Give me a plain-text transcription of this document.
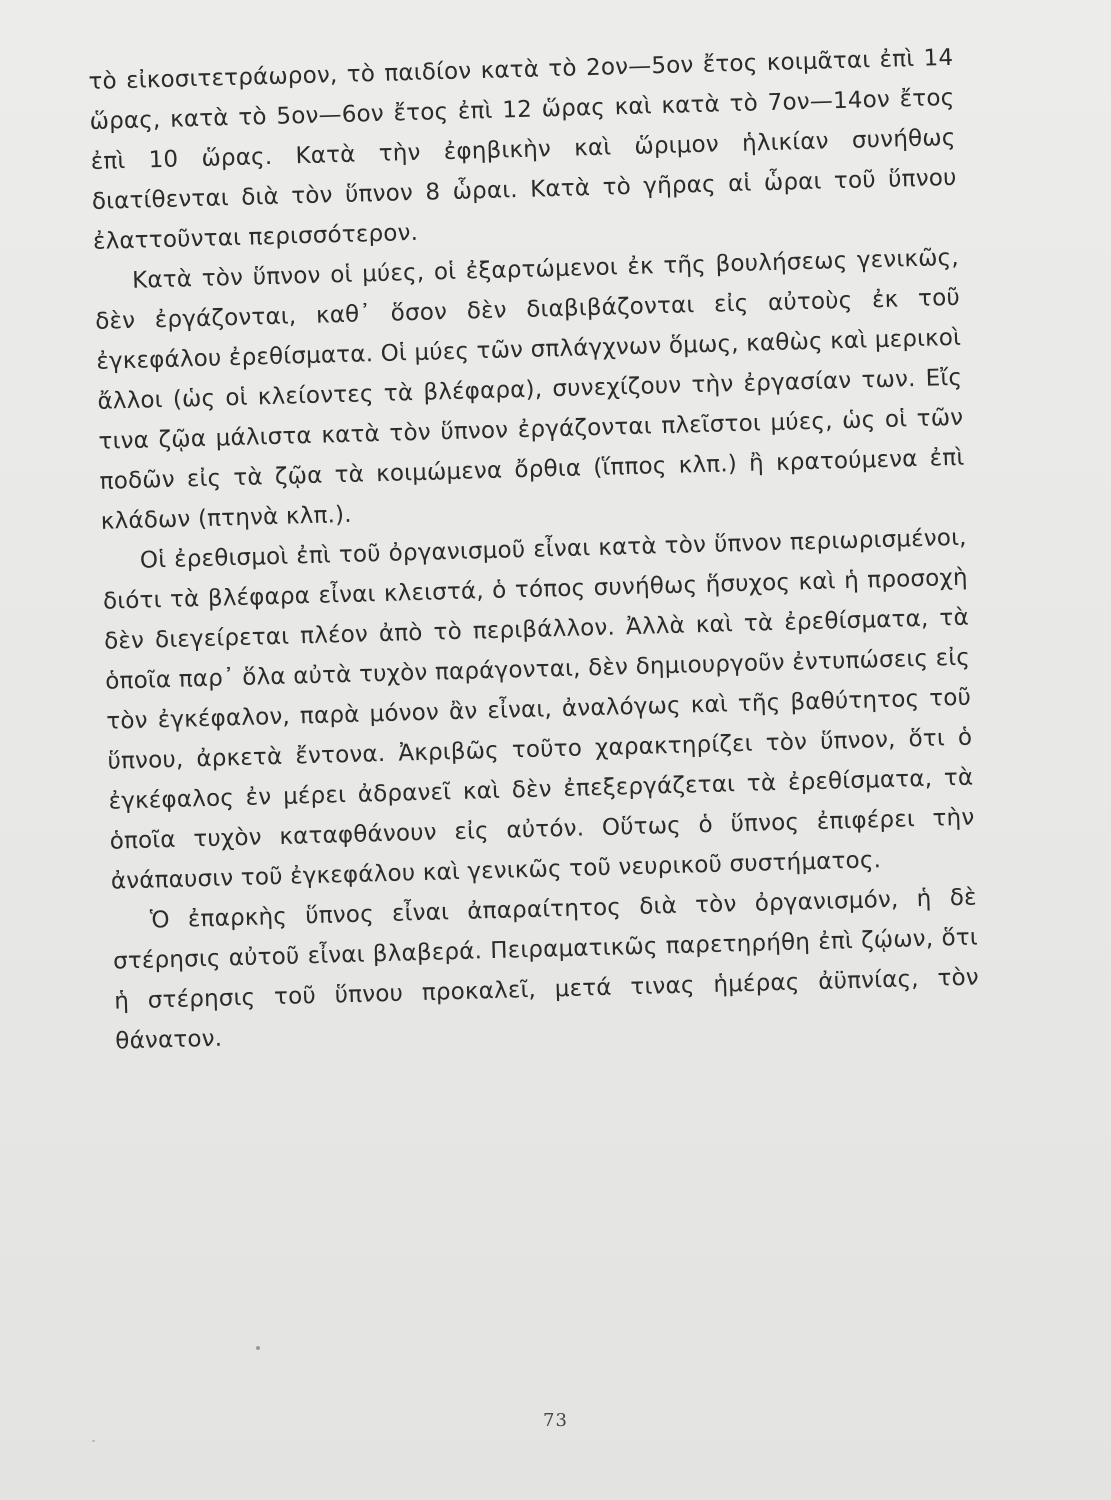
τὸ εἰκοσιτετράωρον, τὸ παιδίον κατὰ τὸ 2ον—5ον ἔτος κοιμᾶται ἐπὶ 14 ὥρας, κατὰ τὸ 5ον—6ον ἔτος ἐπὶ 12 ὥρας καὶ κατὰ τὸ 7ον—14ον ἔτος ἐπὶ 10 ὥρας. Κατὰ τὴν ἐφηβικὴν καὶ ὥριμον ἡλικίαν συνήθως διατίθενται διὰ τὸν ὕπνον 8 ὧραι. Κατὰ τὸ γῆρας αἱ ὧραι τοῦ ὕπνου ἐλαττοῦνται περισσότερον.

Κατὰ τὸν ὕπνον οἱ μύες, οἱ ἐξαρτώμενοι ἐκ τῆς βουλήσεως γενικῶς, δὲν ἐργάζονται, καθ᾽ ὅσον δὲν διαβιβάζονται εἰς αὐτοὺς ἐκ τοῦ ἐγκεφάλου ἐρεθίσματα. Οἱ μύες τῶν σπλάγχνων ὅμως, καθὼς καὶ μερικοὶ ἄλλοι (ὡς οἱ κλείοντες τὰ βλέφαρα), συνεχίζουν τὴν ἐργασίαν των. Εἴς τινα ζῷα μάλιστα κατὰ τὸν ὕπνον ἐργάζονται πλεῖστοι μύες, ὡς οἱ τῶν ποδῶν εἰς τὰ ζῷα τὰ κοιμώμενα ὄρθια (ἵππος κλπ.) ἢ κρατούμενα ἐπὶ κλάδων (πτηνὰ κλπ.).

Οἱ ἐρεθισμοὶ ἐπὶ τοῦ ὀργανισμοῦ εἶναι κατὰ τὸν ὕπνον περιωρισμένοι, διότι τὰ βλέφαρα εἶναι κλειστά, ὁ τόπος συνήθως ἥσυχος καὶ ἡ προσοχὴ δὲν διεγείρεται πλέον ἀπὸ τὸ περιβάλλον. Ἀλλὰ καὶ τὰ ἐρεθίσματα, τὰ ὁποῖα παρ᾽ ὅλα αὐτὰ τυχὸν παράγονται, δὲν δημιουργοῦν ἐντυπώσεις εἰς τὸν ἐγκέφαλον, παρὰ μόνον ἂν εἶναι, ἀναλόγως καὶ τῆς βαθύτητος τοῦ ὕπνου, ἀρκετὰ ἔντονα. Ἀκριβῶς τοῦτο χαρακτηρίζει τὸν ὕπνον, ὅτι ὁ ἐγκέφαλος ἐν μέρει ἀδρανεῖ καὶ δὲν ἐπεξεργάζεται τὰ ἐρεθίσματα, τὰ ὁποῖα τυχὸν καταφθάνουν εἰς αὐτόν. Οὕτως ὁ ὕπνος ἐπιφέρει τὴν ἀνάπαυσιν τοῦ ἐγκεφάλου καὶ γενικῶς τοῦ νευρικοῦ συστήματος.

Ὁ ἐπαρκὴς ὕπνος εἶναι ἀπαραίτητος διὰ τὸν ὀργανισμόν, ἡ δὲ στέρησις αὐτοῦ εἶναι βλαβερά. Πειραματικῶς παρετηρήθη ἐπὶ ζῴων, ὅτι ἡ στέρησις τοῦ ὕπνου προκαλεῖ, μετά τινας ἡμέρας ἀϋπνίας, τὸν θάνατον.

73
